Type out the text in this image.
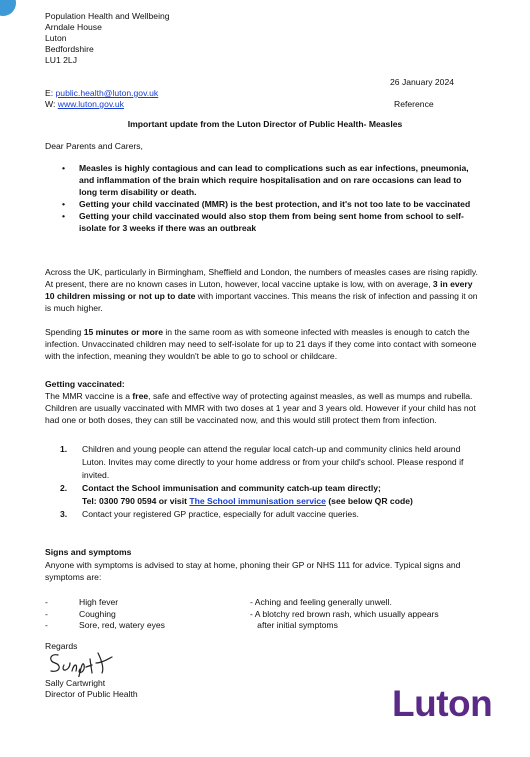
Population Health and Wellbeing
Arndale House
Luton
Bedfordshire
LU1 2LJ
26 January 2024
E: public.health@luton.gov.uk
W: www.luton.gov.uk	Reference
Important update from the Luton Director of Public Health- Measles
Dear Parents and Carers,
• Measles is highly contagious and can lead to complications such as ear infections, pneumonia, and inflammation of the brain which require hospitalisation and on rare occasions can lead to long term disability or death.
• Getting your child vaccinated (MMR) is the best protection, and it's not too late to be vaccinated
• Getting your child vaccinated would also stop them from being sent home from school to self-isolate for 3 weeks if there was an outbreak
Across the UK, particularly in Birmingham, Sheffield and London, the numbers of measles cases are rising rapidly. At present, there are no known cases in Luton, however, local vaccine uptake is low, with on average, 3 in every 10 children missing or not up to date with important vaccines. This means the risk of infection and passing it on is much higher.
Spending 15 minutes or more in the same room as with someone infected with measles is enough to catch the infection. Unvaccinated children may need to self-isolate for up to 21 days if they come into contact with someone with the infection, meaning they wouldn't be able to go to school or childcare.
Getting vaccinated:
The MMR vaccine is a free, safe and effective way of protecting against measles, as well as mumps and rubella. Children are usually vaccinated with MMR with two doses at 1 year and 3 years old. However if your child has not had one or both doses, they can still be vaccinated now, and this would still protect them from infection.
1. Children and young people can attend the regular local catch-up and community clinics held around Luton. Invites may come directly to your home address or from your child's school. Please respond if invited.
2. Contact the School immunisation and community catch-up team directly;
Tel: 0300 790 0594 or visit The School immunisation service (see below QR code)
3. Contact your registered GP practice, especially for adult vaccine queries.
Signs and symptoms
Anyone with symptoms is advised to stay at home, phoning their GP or NHS 111 for advice. Typical signs and symptoms are:
-	High fever	- Aching and feeling generally unwell.
-	Coughing	- A blotchy red brown rash, which usually appears
-	Sore, red, watery eyes	after initial symptoms
Regards
Sally Cartwright
Director of Public Health	Luton
